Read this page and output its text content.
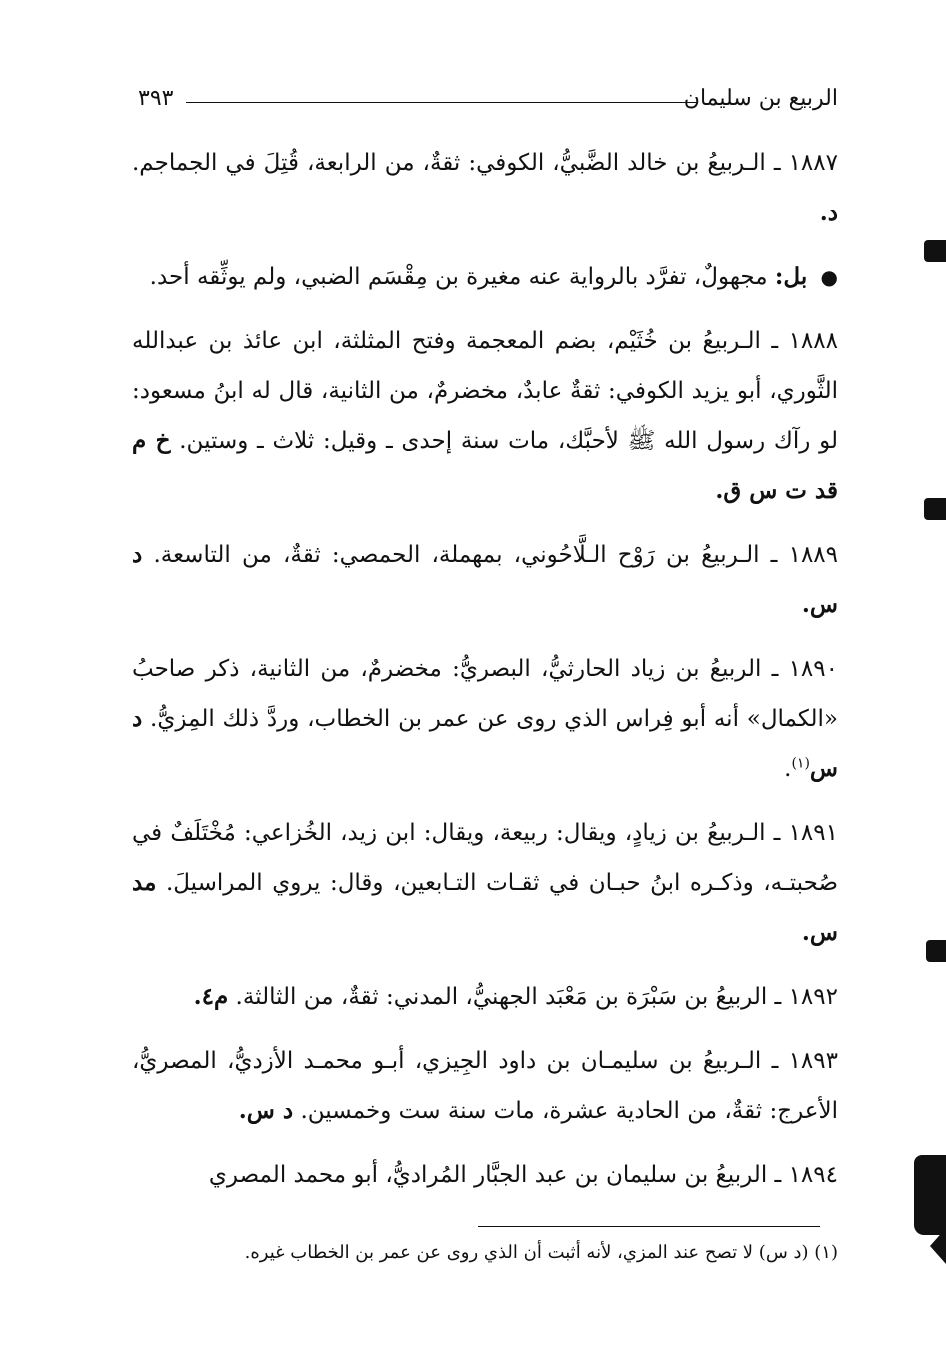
الربيع بن سليمان
٣٩٣

١٨٨٧ ـ الـربيعُ بن خالد الضَّبيُّ، الكوفي: ثقةٌ، من الرابعة، قُتِلَ في الجماجم. د.

● بل: مجهولٌ، تفرَّد بالرواية عنه مغيرة بن مِقْسَم الضبي، ولم يوثِّقه أحد.

١٨٨٨ ـ الـربيعُ بن خُثَيْم، بضم المعجمة وفتح المثلثة، ابن عائذ بن عبدالله الثَّوري، أبو يزيد الكوفي: ثقةٌ عابدٌ، مخضرمٌ، من الثانية، قال له ابنُ مسعود: لو رآك رسول الله ﷺ لأحبَّك، مات سنة إحدى ـ وقيل: ثلاث ـ وستين. خ م قد ت س ق.

١٨٨٩ ـ الـربيعُ بن رَوْح الـلَّاحُوني، بمهملة، الحمصي: ثقةٌ، من التاسعة. د س.

١٨٩٠ ـ الربيعُ بن زياد الحارثيُّ، البصريُّ: مخضرمٌ، من الثانية، ذكر صاحبُ «الكمال» أنه أبو فِراس الذي روى عن عمر بن الخطاب، وردَّ ذلك المِزيُّ. د س$^{(١)}$.

١٨٩١ ـ الـربيعُ بن زيادٍ، ويقال: ربيعة، ويقال: ابن زيد، الخُزاعي: مُخْتَلَفٌ في صُحبتـه، وذكـره ابنُ حبـان في ثقـات التـابعين، وقال: يروي المراسيلَ. مد س.

١٨٩٢ ـ الربيعُ بن سَبْرَة بن مَعْبَد الجهنيُّ، المدني: ثقةٌ، من الثالثة. م٤.

١٨٩٣ ـ الـربيعُ بن سليمـان بن داود الجِيزي، أبـو محمـد الأزديُّ، المصريُّ، الأعرج: ثقةٌ، من الحادية عشرة، مات سنة ست وخمسين. د س.

١٨٩٤ ـ الربيعُ بن سليمان بن عبد الجبَّار المُراديُّ، أبو محمد المصري

(١) (د س) لا تصح عند المزي، لأنه أثبت أن الذي روى عن عمر بن الخطاب غيره.
